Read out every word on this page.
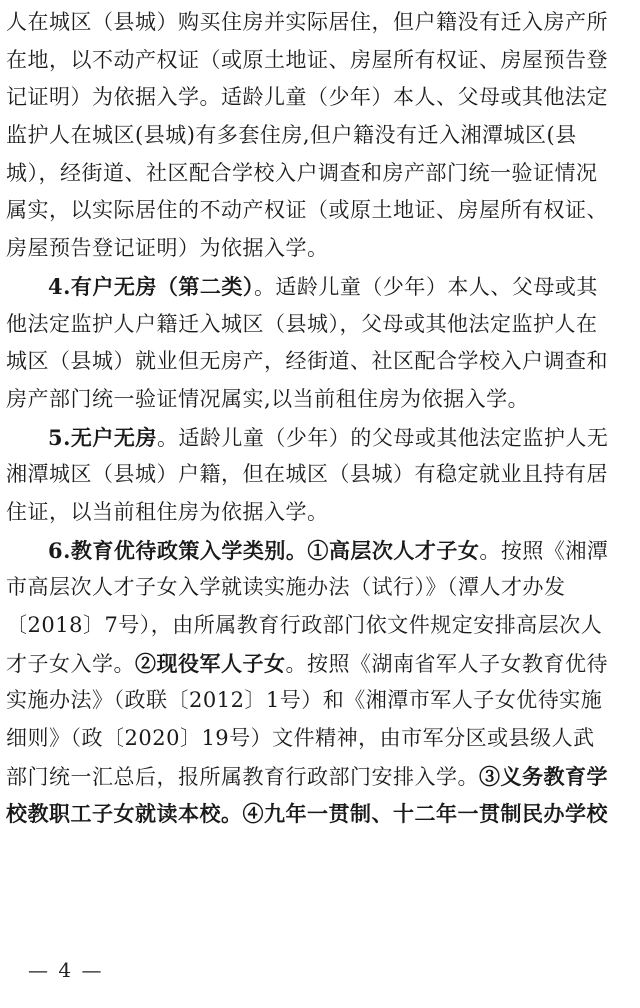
人在城区（县城）购买住房并实际居住，但户籍没有迁入房产所
在地，以不动产权证（或原土地证、房屋所有权证、房屋预告登
记证明）为依据入学。适龄儿童（少年）本人、父母或其他法定
监护人在城区(县城)有多套住房,但户籍没有迁入湘潭城区(县
城），经街道、社区配合学校入户调查和房产部门统一验证情况
属实，以实际居住的不动产权证（或原土地证、房屋所有权证、
房屋预告登记证明）为依据入学。
4.有户无房（第二类）。适龄儿童（少年）本人、父母或其
他法定监护人户籍迁入城区（县城），父母或其他法定监护人在
城区（县城）就业但无房产，经街道、社区配合学校入户调查和
房产部门统一验证情况属实,以当前租住房为依据入学。
5.无户无房。适龄儿童（少年）的父母或其他法定监护人无
湘潭城区（县城）户籍，但在城区（县城）有稳定就业且持有居
住证，以当前租住房为依据入学。
6.教育优待政策入学类别。①高层次人才子女。按照《湘潭
市高层次人才子女入学就读实施办法（试行）》（潭人才办发
〔2018〕7号），由所属教育行政部门依文件规定安排高层次人
才子女入学。②现役军人子女。按照《湖南省军人子女教育优待
实施办法》（政联〔2012〕1号）和《湘潭市军人子女优待实施
细则》（政〔2020〕19号）文件精神，由市军分区或县级人武
部门统一汇总后，报所属教育行政部门安排入学。③义务教育学
校教职工子女就读本校。④九年一贯制、十二年一贯制民办学校
— 4 —
